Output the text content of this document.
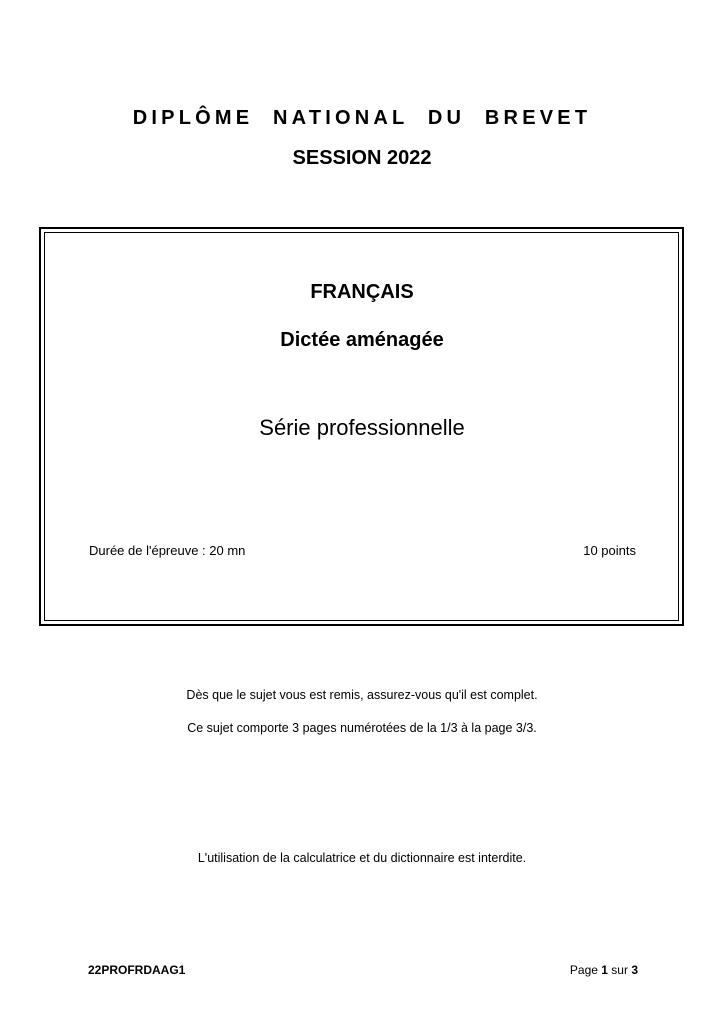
DIPLÔME NATIONAL DU BREVET
SESSION 2022
FRANÇAIS
Dictée aménagée
Série professionnelle
Durée de l'épreuve : 20 mn	10 points
Dès que le sujet vous est remis, assurez-vous qu'il est complet.
Ce sujet comporte 3 pages numérotées de la 1/3 à la page 3/3.
L'utilisation de la calculatrice et du dictionnaire est interdite.
22PROFRDAAG1	Page 1 sur 3
